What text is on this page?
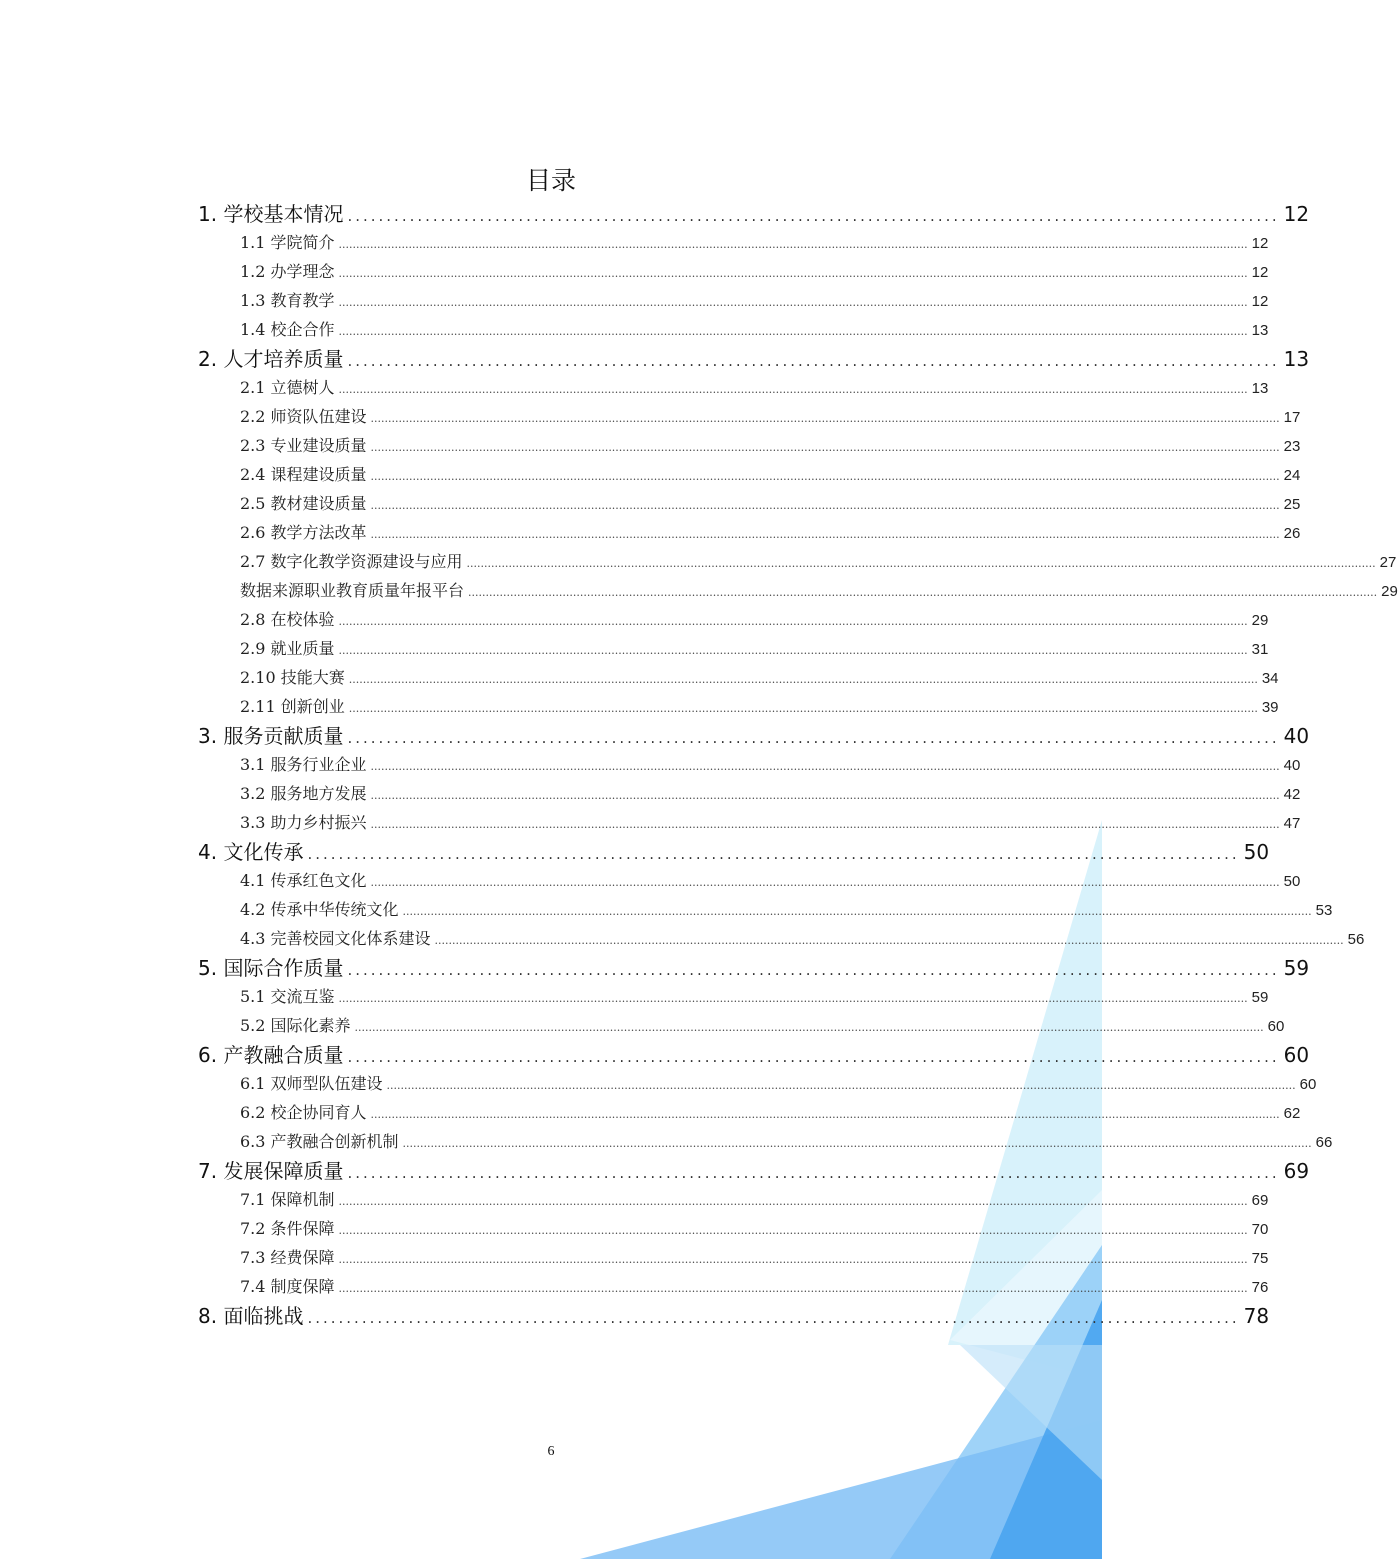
目录
1. 学校基本情况 ........................................................................................................................ 12
1.1 学院简介 .................................................................................................................................................................................................................................................................... 12
1.2 办学理念 .................................................................................................................................................................................................................................................................... 12
1.3 教育教学 .................................................................................................................................................................................................................................................................... 12
1.4 校企合作 .................................................................................................................................................................................................................................................................... 13
2. 人才培养质量 ........................................................................................................................ 13
2.1 立德树人 .................................................................................................................................................................................................................................................................... 13
2.2 师资队伍建设 .................................................................................................................................................................................................................................................................... 17
2.3 专业建设质量 .................................................................................................................................................................................................................................................................... 23
2.4 课程建设质量 .................................................................................................................................................................................................................................................................... 24
2.5 教材建设质量 .................................................................................................................................................................................................................................................................... 25
2.6 教学方法改革 .................................................................................................................................................................................................................................................................... 26
2.7 数字化教学资源建设与应用 .................................................................................................................................................................................................................................................................... 27
数据来源职业教育质量年报平台 .................................................................................................................................................................................................................................................................... 29
2.8 在校体验 .................................................................................................................................................................................................................................................................... 29
2.9 就业质量 .................................................................................................................................................................................................................................................................... 31
2.10 技能大赛 .................................................................................................................................................................................................................................................................... 34
2.11 创新创业 .................................................................................................................................................................................................................................................................... 39
3. 服务贡献质量 ........................................................................................................................ 40
3.1 服务行业企业 .................................................................................................................................................................................................................................................................... 40
3.2 服务地方发展 .................................................................................................................................................................................................................................................................... 42
3.3 助力乡村振兴 .................................................................................................................................................................................................................................................................... 47
4. 文化传承 ........................................................................................................................ 50
4.1 传承红色文化 .................................................................................................................................................................................................................................................................... 50
4.2 传承中华传统文化 .................................................................................................................................................................................................................................................................... 53
4.3 完善校园文化体系建设 .................................................................................................................................................................................................................................................................... 56
5. 国际合作质量 ........................................................................................................................ 59
5.1 交流互鉴 .................................................................................................................................................................................................................................................................... 59
5.2 国际化素养 .................................................................................................................................................................................................................................................................... 60
6. 产教融合质量 ........................................................................................................................ 60
6.1 双师型队伍建设 .................................................................................................................................................................................................................................................................... 60
6.2 校企协同育人 .................................................................................................................................................................................................................................................................... 62
6.3 产教融合创新机制 .................................................................................................................................................................................................................................................................... 66
7. 发展保障质量 ........................................................................................................................ 69
7.1 保障机制 .................................................................................................................................................................................................................................................................... 69
7.2 条件保障 .................................................................................................................................................................................................................................................................... 70
7.3 经费保障 .................................................................................................................................................................................................................................................................... 75
7.4 制度保障 .................................................................................................................................................................................................................................................................... 76
8. 面临挑战 ........................................................................................................................ 78
6
